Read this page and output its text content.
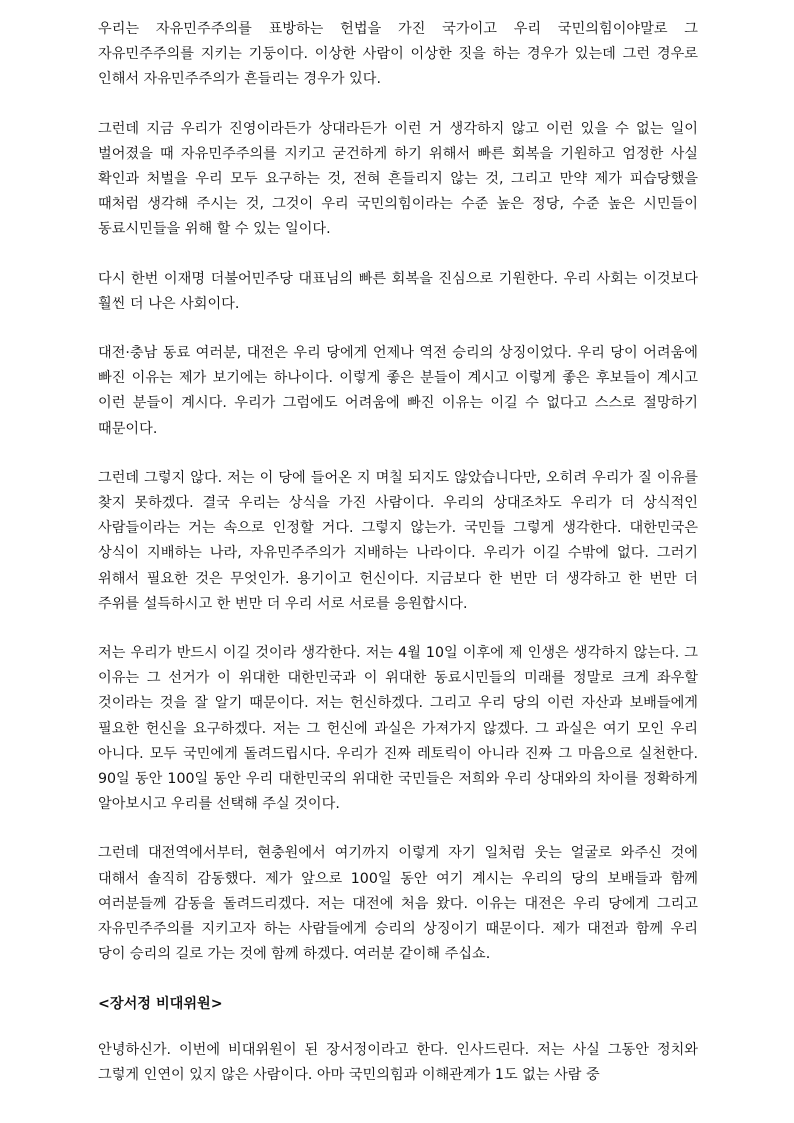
우리는 자유민주주의를 표방하는 헌법을 가진 국가이고 우리 국민의힘이야말로 그 자유민주주의를 지키는 기둥이다. 이상한 사람이 이상한 짓을 하는 경우가 있는데 그런 경우로 인해서 자유민주주의가 흔들리는 경우가 있다.

그런데 지금 우리가 진영이라든가 상대라든가 이런 거 생각하지 않고 이런 있을 수 없는 일이 벌어졌을 때 자유민주주의를 지키고 굳건하게 하기 위해서 빠른 회복을 기원하고 엄정한 사실 확인과 처벌을 우리 모두 요구하는 것, 전혀 흔들리지 않는 것, 그리고 만약 제가 피습당했을 때처럼 생각해 주시는 것, 그것이 우리 국민의힘이라는 수준 높은 정당, 수준 높은 시민들이 동료시민들을 위해 할 수 있는 일이다.

다시 한번 이재명 더불어민주당 대표님의 빠른 회복을 진심으로 기원한다. 우리 사회는 이것보다 훨씬 더 나은 사회이다.

대전·충남 동료 여러분, 대전은 우리 당에게 언제나 역전 승리의 상징이었다. 우리 당이 어려움에 빠진 이유는 제가 보기에는 하나이다. 이렇게 좋은 분들이 계시고 이렇게 좋은 후보들이 계시고 이런 분들이 계시다. 우리가 그럼에도 어려움에 빠진 이유는 이길 수 없다고 스스로 절망하기 때문이다.

그런데 그렇지 않다. 저는 이 당에 들어온 지 며칠 되지도 않았습니다만, 오히려 우리가 질 이유를 찾지 못하겠다. 결국 우리는 상식을 가진 사람이다. 우리의 상대조차도 우리가 더 상식적인 사람들이라는 거는 속으로 인정할 거다. 그렇지 않는가. 국민들 그렇게 생각한다. 대한민국은 상식이 지배하는 나라, 자유민주주의가 지배하는 나라이다. 우리가 이길 수밖에 없다. 그러기 위해서 필요한 것은 무엇인가. 용기이고 헌신이다. 지금보다 한 번만 더 생각하고 한 번만 더 주위를 설득하시고 한 번만 더 우리 서로 서로를 응원합시다.

저는 우리가 반드시 이길 것이라 생각한다. 저는 4월 10일 이후에 제 인생은 생각하지 않는다. 그 이유는 그 선거가 이 위대한 대한민국과 이 위대한 동료시민들의 미래를 정말로 크게 좌우할 것이라는 것을 잘 알기 때문이다. 저는 헌신하겠다. 그리고 우리 당의 이런 자산과 보배들에게 필요한 헌신을 요구하겠다. 저는 그 헌신에 과실은 가져가지 않겠다. 그 과실은 여기 모인 우리 아니다. 모두 국민에게 돌려드립시다. 우리가 진짜 레토릭이 아니라 진짜 그 마음으로 실천한다. 90일 동안 100일 동안 우리 대한민국의 위대한 국민들은 저희와 우리 상대와의 차이를 정확하게 알아보시고 우리를 선택해 주실 것이다.

그런데 대전역에서부터, 현충원에서 여기까지 이렇게 자기 일처럼 웃는 얼굴로 와주신 것에 대해서 솔직히 감동했다. 제가 앞으로 100일 동안 여기 계시는 우리의 당의 보배들과 함께 여러분들께 감동을 돌려드리겠다. 저는 대전에 처음 왔다. 이유는 대전은 우리 당에게 그리고 자유민주주의를 지키고자 하는 사람들에게 승리의 상징이기 때문이다. 제가 대전과 함께 우리 당이 승리의 길로 가는 것에 함께 하겠다. 여러분 같이해 주십쇼.

<장서정 비대위원>

안녕하신가. 이번에 비대위원이 된 장서정이라고 한다. 인사드린다. 저는 사실 그동안 정치와 그렇게 인연이 있지 않은 사람이다. 아마 국민의힘과 이해관계가 1도 없는 사람 중
